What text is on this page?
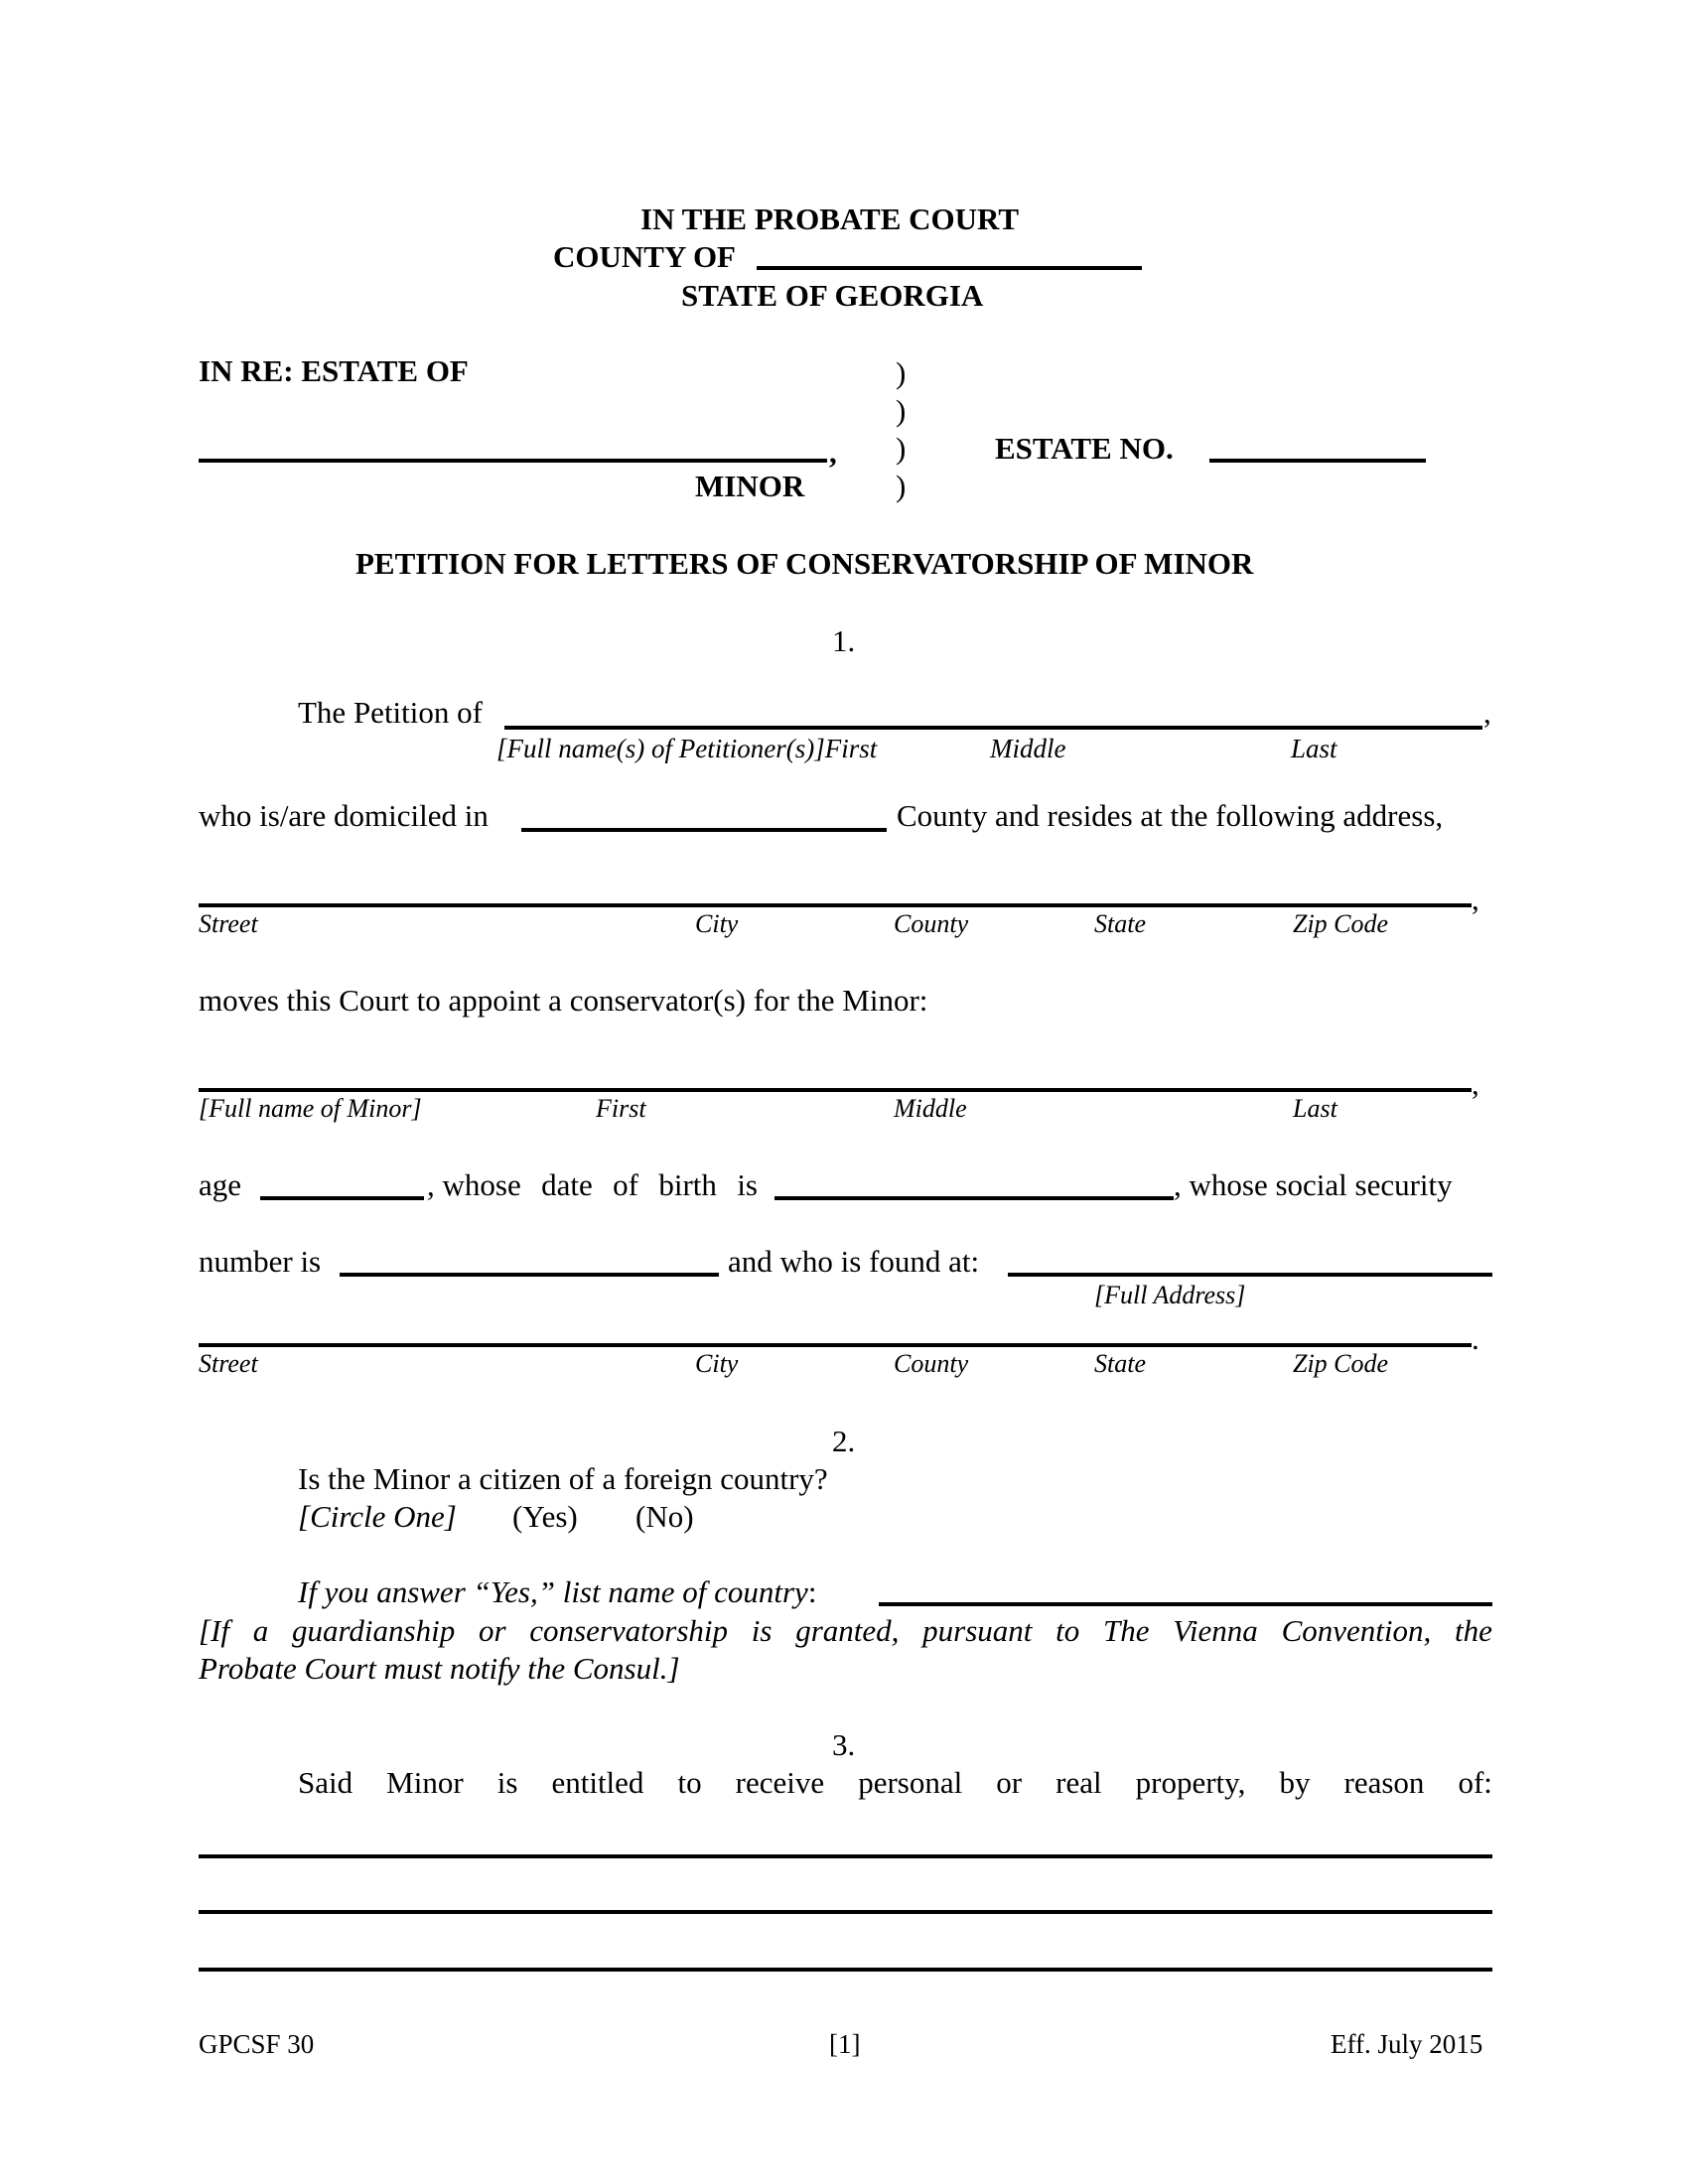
IN THE PROBATE COURT
COUNTY OF
STATE OF GEORGIA
IN RE: ESTATE OF	)
)
, )	ESTATE NO.
MINOR	)
PETITION FOR LETTERS OF CONSERVATORSHIP OF MINOR
1.
The Petition of	,
[Full name(s) of Petitioner(s)]First	Middle	Last
who is/are domiciled in	County and resides at the following address,
,
Street	City	County	State	Zip Code
moves this Court to appoint a conservator(s) for the Minor:
,
[Full name of Minor]	First	Middle	Last
age	, whose date of birth is	, whose social security
number is	and who is found at:
[Full Address]
.
Street	City	County	State	Zip Code
2.
Is the Minor a citizen of a foreign country?
[Circle One] (Yes) (No)
If you answer “Yes,” list name of country:
[If a guardianship or conservatorship is granted, pursuant to The Vienna Convention, the
Probate Court must notify the Consul.]
3.
Said Minor is entitled to receive personal or real property, by reason of:
GPCSF 30	[1]	Eff. July 2015
